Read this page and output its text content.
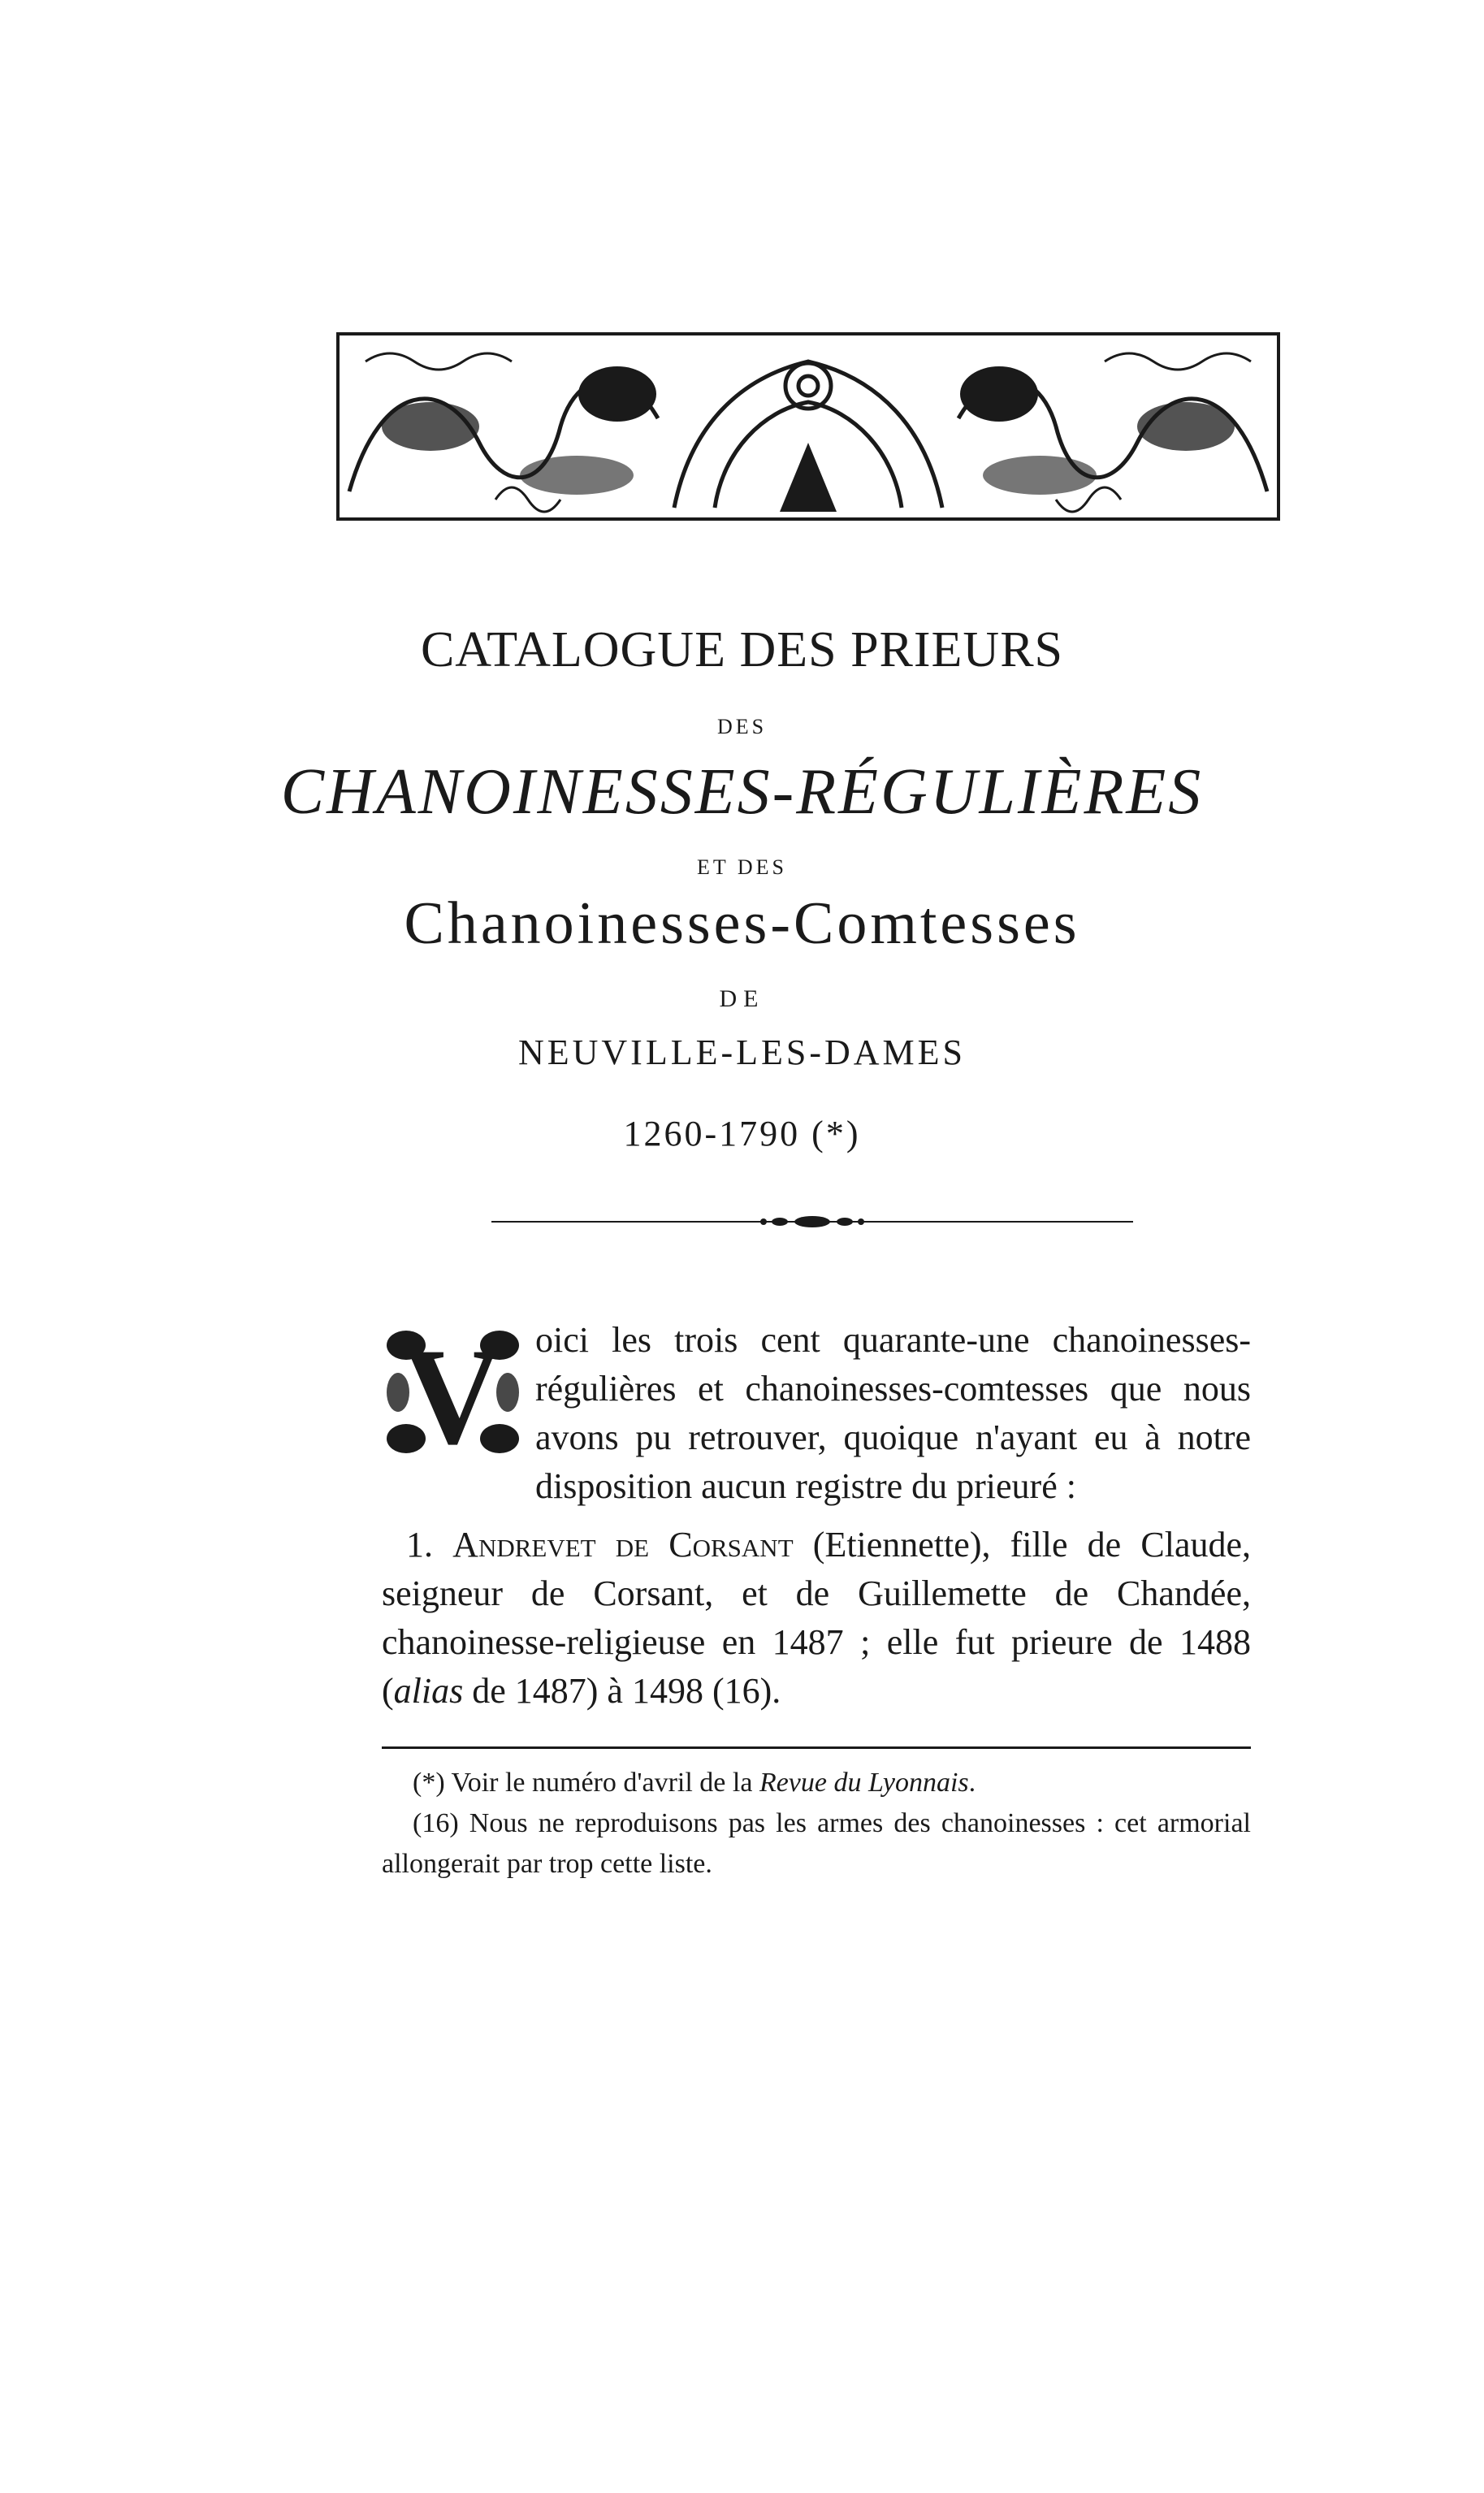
CATALOGUE DES PRIEURS
DES
CHANOINESSES-RÉGULIÈRES
ET DES
Chanoinesses-Comtesses
DE
NEUVILLE-LES-DAMES
1260-1790 (*)
V oici les trois cent quarante-une chanoinesses-régulières et chanoinesses-comtesses que nous avons pu retrouver, quoique n'ayant eu à notre disposition aucun registre du prieuré :
1. Andrevet de Corsant (Etiennette), fille de Claude, seigneur de Corsant, et de Guillemette de Chandée, chanoinesse-religieuse en 1487 ; elle fut prieure de 1488 (alias de 1487) à 1498 (16).

(*) Voir le numéro d'avril de la Revue du Lyonnais.

(16) Nous ne reproduisons pas les armes des chanoinesses : cet armorial allongerait par trop cette liste.
